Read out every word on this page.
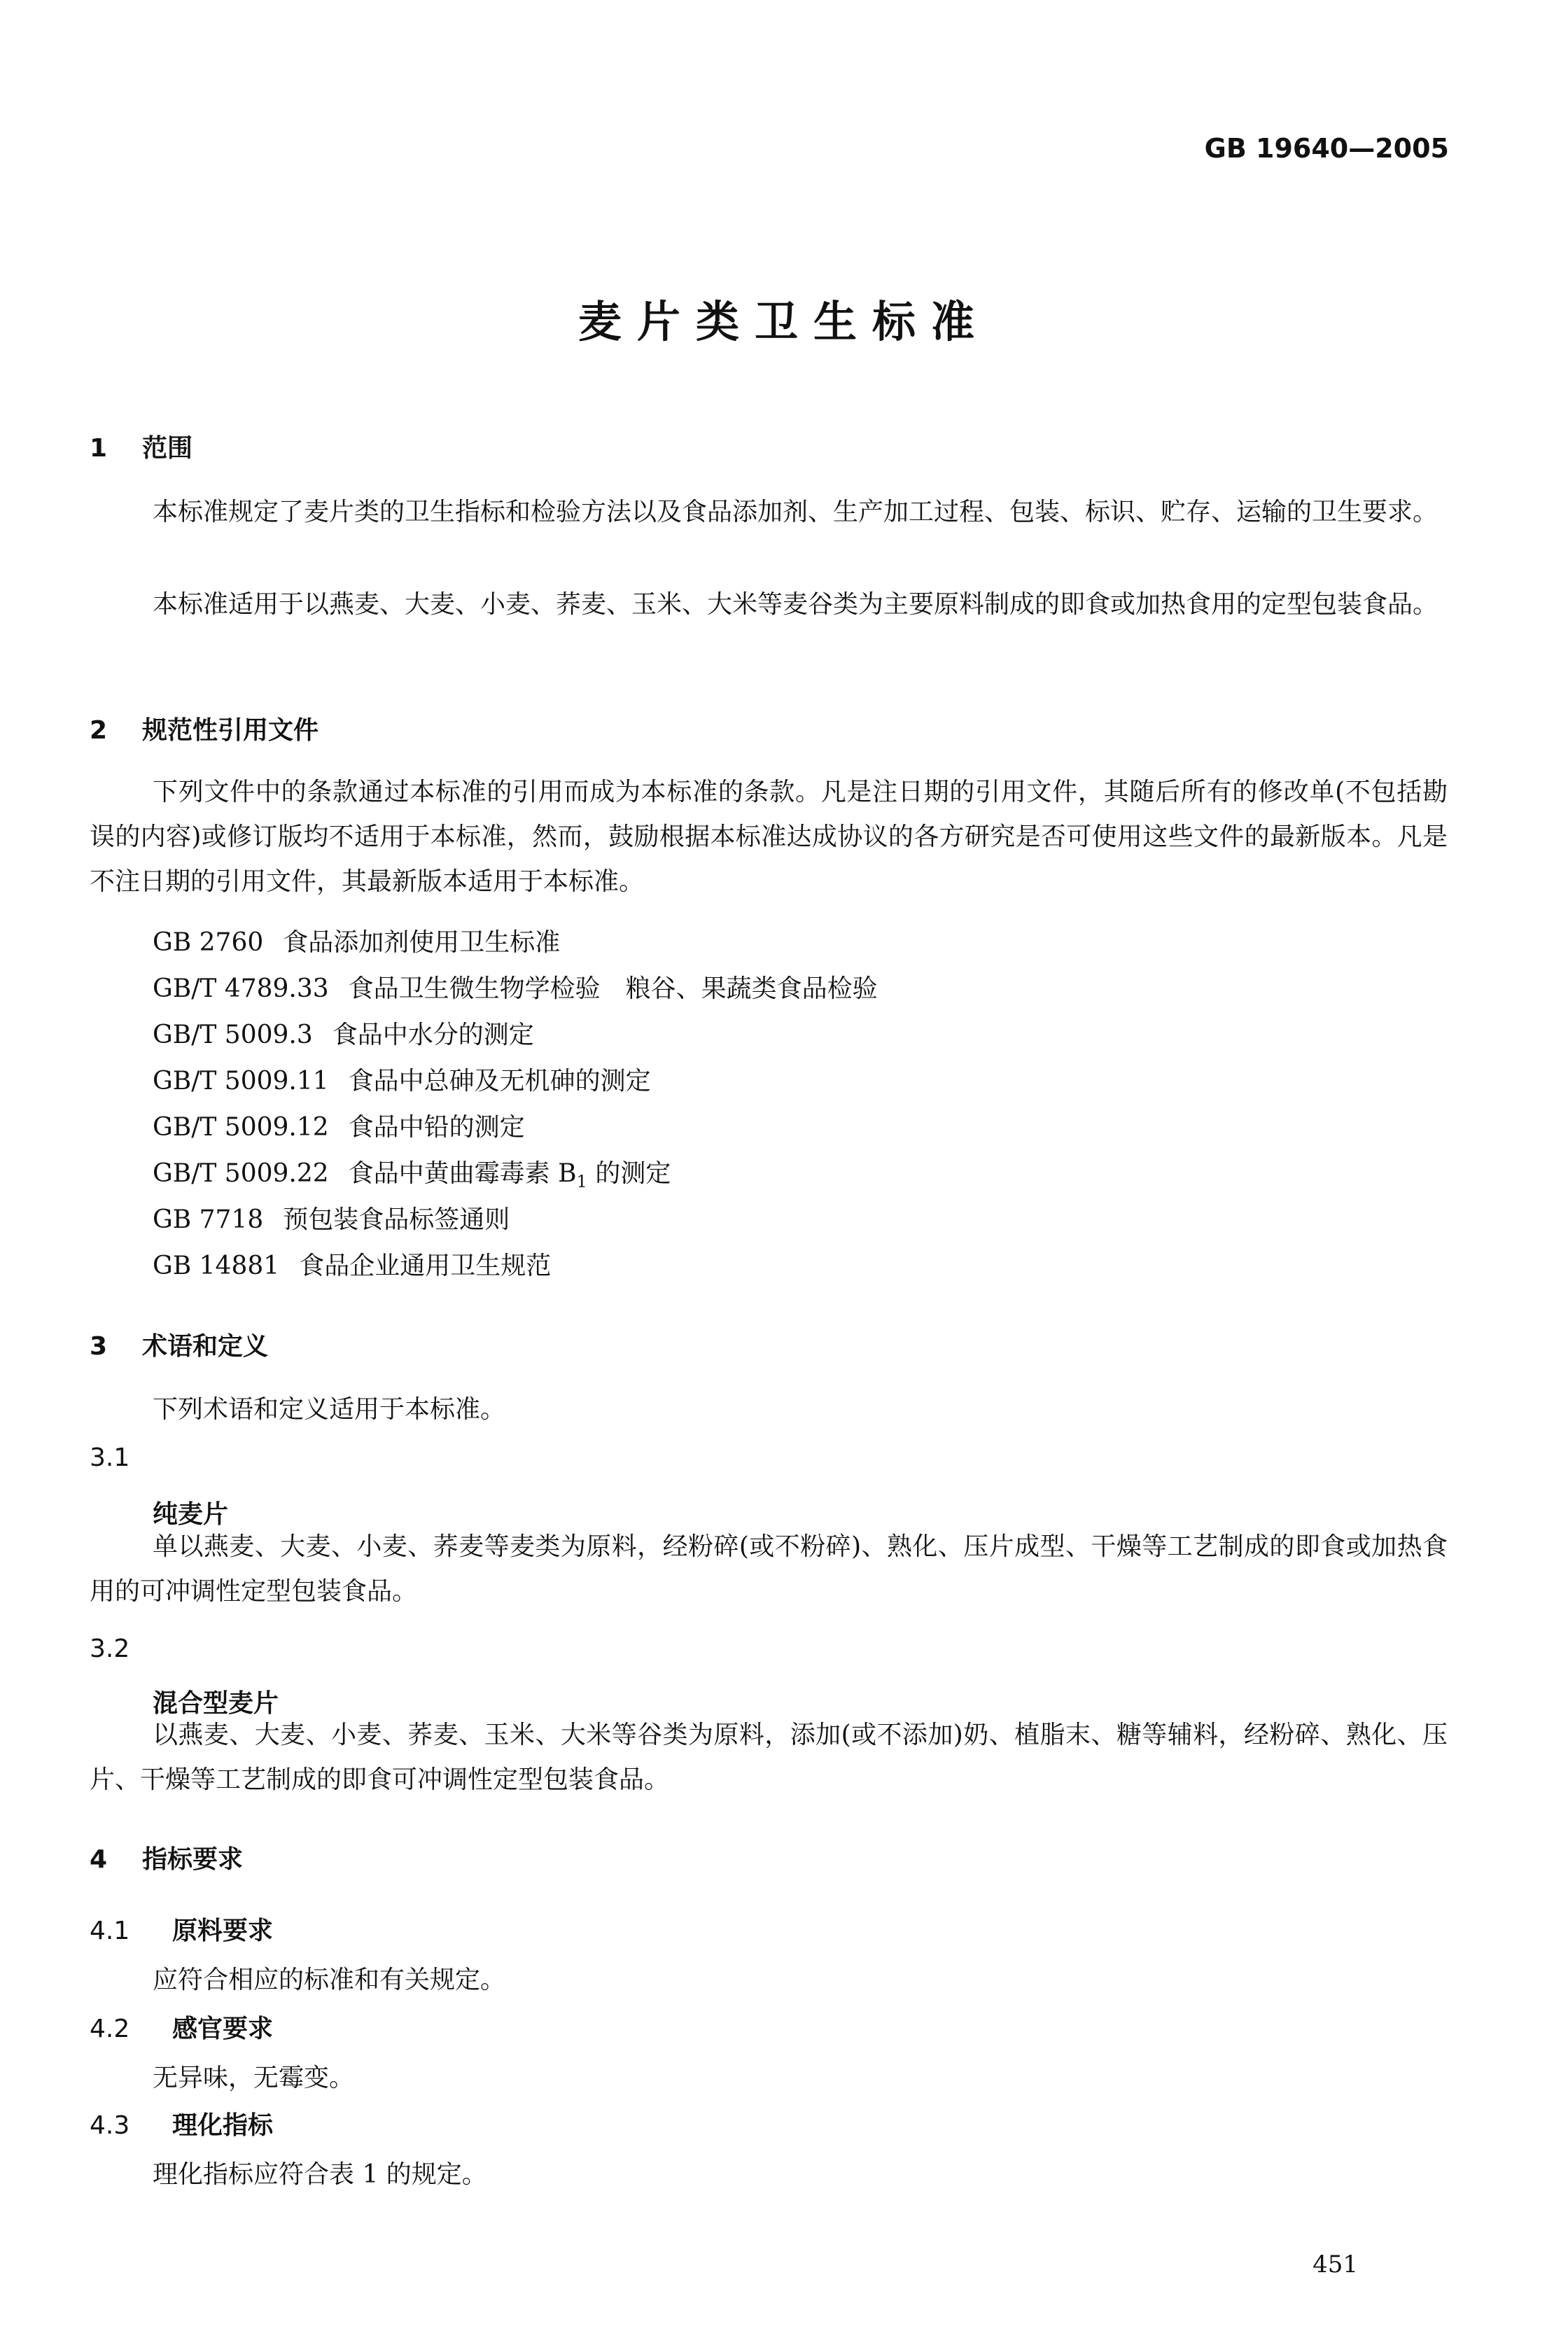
GB 19640—2005
麦片类卫生标准
1 范围
本标准规定了麦片类的卫生指标和检验方法以及食品添加剂、生产加工过程、包装、标识、贮存、运输的卫生要求。
本标准适用于以燕麦、大麦、小麦、荞麦、玉米、大米等麦谷类为主要原料制成的即食或加热食用的定型包装食品。
2 规范性引用文件
下列文件中的条款通过本标准的引用而成为本标准的条款。凡是注日期的引用文件，其随后所有的修改单(不包括勘误的内容)或修订版均不适用于本标准，然而，鼓励根据本标准达成协议的各方研究是否可使用这些文件的最新版本。凡是不注日期的引用文件，其最新版本适用于本标准。
GB 2760 食品添加剂使用卫生标准
GB/T 4789.33 食品卫生微生物学检验　粮谷、果蔬类食品检验
GB/T 5009.3 食品中水分的测定
GB/T 5009.11 食品中总砷及无机砷的测定
GB/T 5009.12 食品中铅的测定
GB/T 5009.22 食品中黄曲霉毒素 $B_1$ 的测定
GB 7718 预包装食品标签通则
GB 14881 食品企业通用卫生规范
3 术语和定义
下列术语和定义适用于本标准。
3.1
纯麦片
单以燕麦、大麦、小麦、荞麦等麦类为原料，经粉碎(或不粉碎)、熟化、压片成型、干燥等工艺制成的即食或加热食用的可冲调性定型包装食品。
3.2
混合型麦片
以燕麦、大麦、小麦、荞麦、玉米、大米等谷类为原料，添加(或不添加)奶、植脂末、糖等辅料，经粉碎、熟化、压片、干燥等工艺制成的即食可冲调性定型包装食品。
4 指标要求
4.1 原料要求
应符合相应的标准和有关规定。
4.2 感官要求
无异味，无霉变。
4.3 理化指标
理化指标应符合表 1 的规定。
451
